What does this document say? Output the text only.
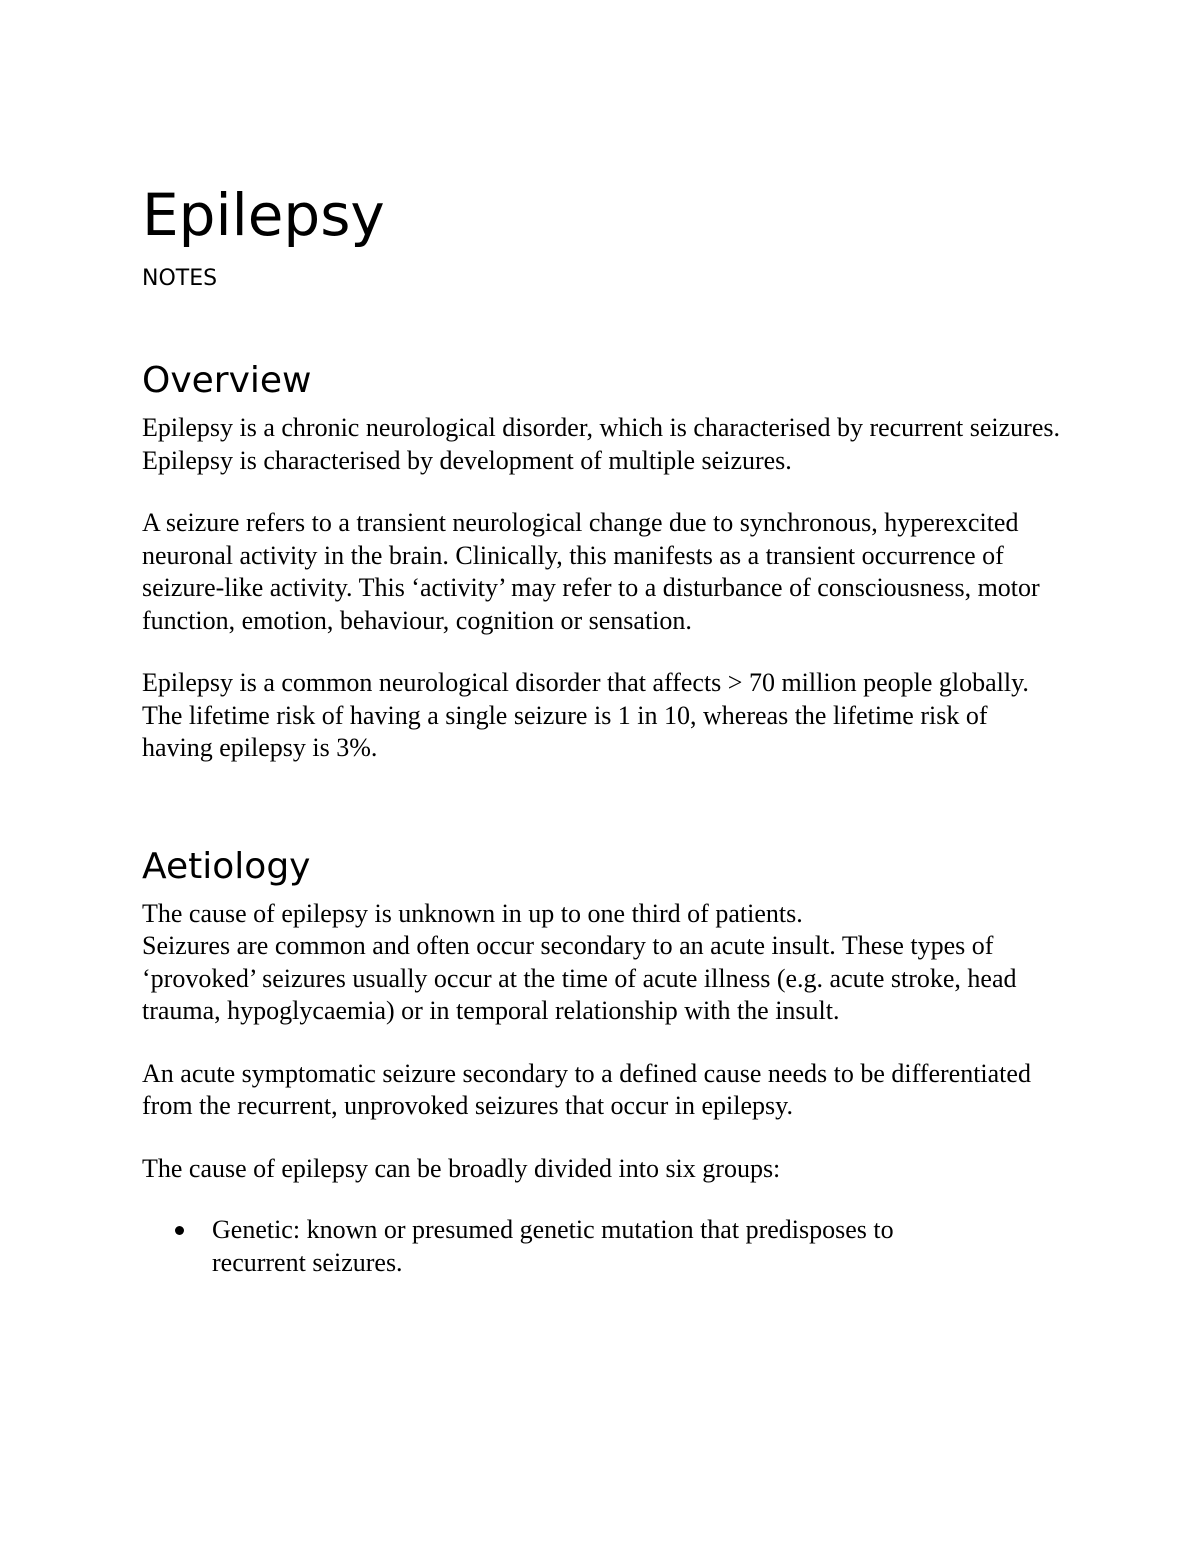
Epilepsy
NOTES
Overview

Epilepsy is a chronic neurological disorder, which is characterised by recurrent seizures.

Epilepsy is characterised by development of multiple seizures.

A seizure refers to a transient neurological change due to synchronous, hyperexcited neuronal activity in the brain. Clinically, this manifests as a transient occurrence of seizure-like activity. This ‘activity’ may refer to a disturbance of consciousness, motor function, emotion, behaviour, cognition or sensation.

Epilepsy is a common neurological disorder that affects > 70 million people globally. The lifetime risk of having a single seizure is 1 in 10, whereas the lifetime risk of having epilepsy is 3%.

Aetiology

The cause of epilepsy is unknown in up to one third of patients.

Seizures are common and often occur secondary to an acute insult. These types of ‘provoked’ seizures usually occur at the time of acute illness (e.g. acute stroke, head trauma, hypoglycaemia) or in temporal relationship with the insult.

An acute symptomatic seizure secondary to a defined cause needs to be differentiated from the recurrent, unprovoked seizures that occur in epilepsy.

The cause of epilepsy can be broadly divided into six groups:

Genetic: known or presumed genetic mutation that predisposes to recurrent seizures.
